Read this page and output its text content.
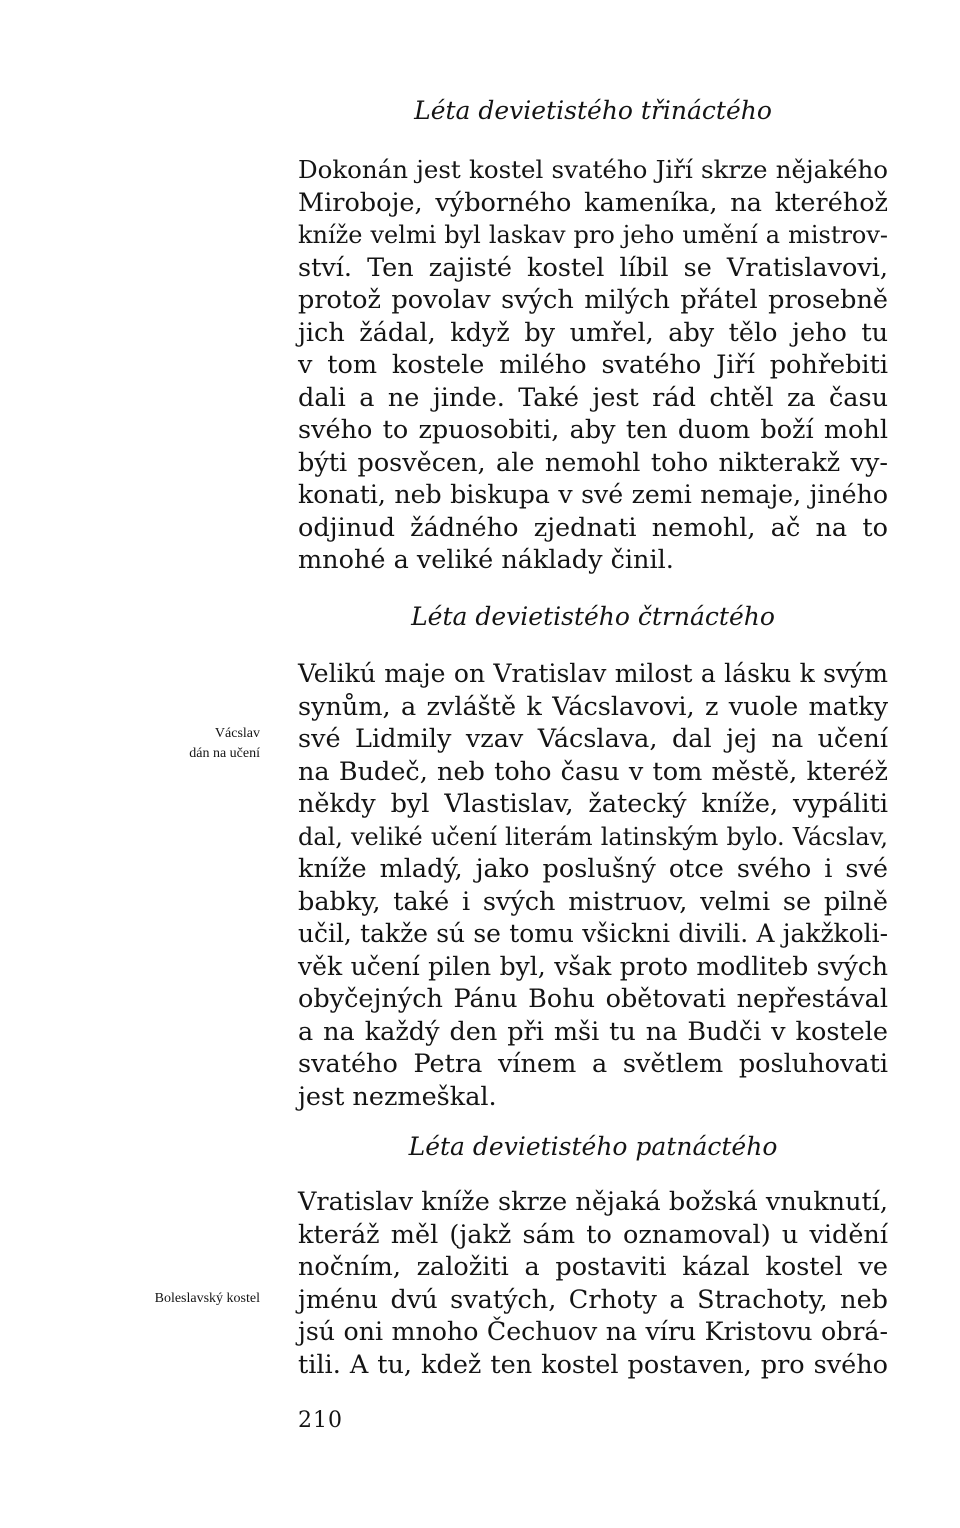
Léta devietistého třináctého
Dokonán jest kostel svatého Jiří skrze nějakého
Miroboje, výborného kameníka, na kteréhož
kníže velmi byl laskav pro jeho umění a mistrov-
ství. Ten zajisté kostel líbil se Vratislavovi,
protož povolav svých milých přátel prosebně
jich žádal, když by umřel, aby tělo jeho tu
v tom kostele milého svatého Jiří pohřebiti
dali a ne jinde. Také jest rád chtěl za času
svého to zpuosobiti, aby ten duom boží mohl
býti posvěcen, ale nemohl toho nikterakž vy-
konati, neb biskupa v své zemi nemaje, jiného
odjinud žádného zjednati nemohl, ač na to
mnohé a veliké náklady činil.
Léta devietistého čtrnáctého

Vácslav
dán na učení

Velikú maje on Vratislav milost a lásku k svým
synům, a zvláště k Vácslavovi, z vuole matky
své Lidmily vzav Vácslava, dal jej na učení
na Budeč, neb toho času v tom městě, kteréž
někdy byl Vlastislav, žatecký kníže, vypáliti
dal, veliké učení literám latinským bylo. Vácslav,
kníže mladý, jako poslušný otce svého i své
babky, také i svých mistruov, velmi se pilně
učil, takže sú se tomu všickni divili. A jakžkoli-
věk učení pilen byl, však proto modliteb svých
obyčejných Pánu Bohu obětovati nepřestával
a na každý den při mši tu na Budči v kostele
svatého Petra vínem a světlem posluhovati
jest nezmeškal.
Léta devietistého patnáctého

Boleslavský kostel

Vratislav kníže skrze nějaká božská vnuknutí,
kteráž měl (jakž sám to oznamoval) u vidění
nočním, založiti a postaviti kázal kostel ve
jménu dvú svatých, Crhoty a Strachoty, neb
jsú oni mnoho Čechuov na víru Kristovu obrá-
tili. A tu, kdež ten kostel postaven, pro svého

210
